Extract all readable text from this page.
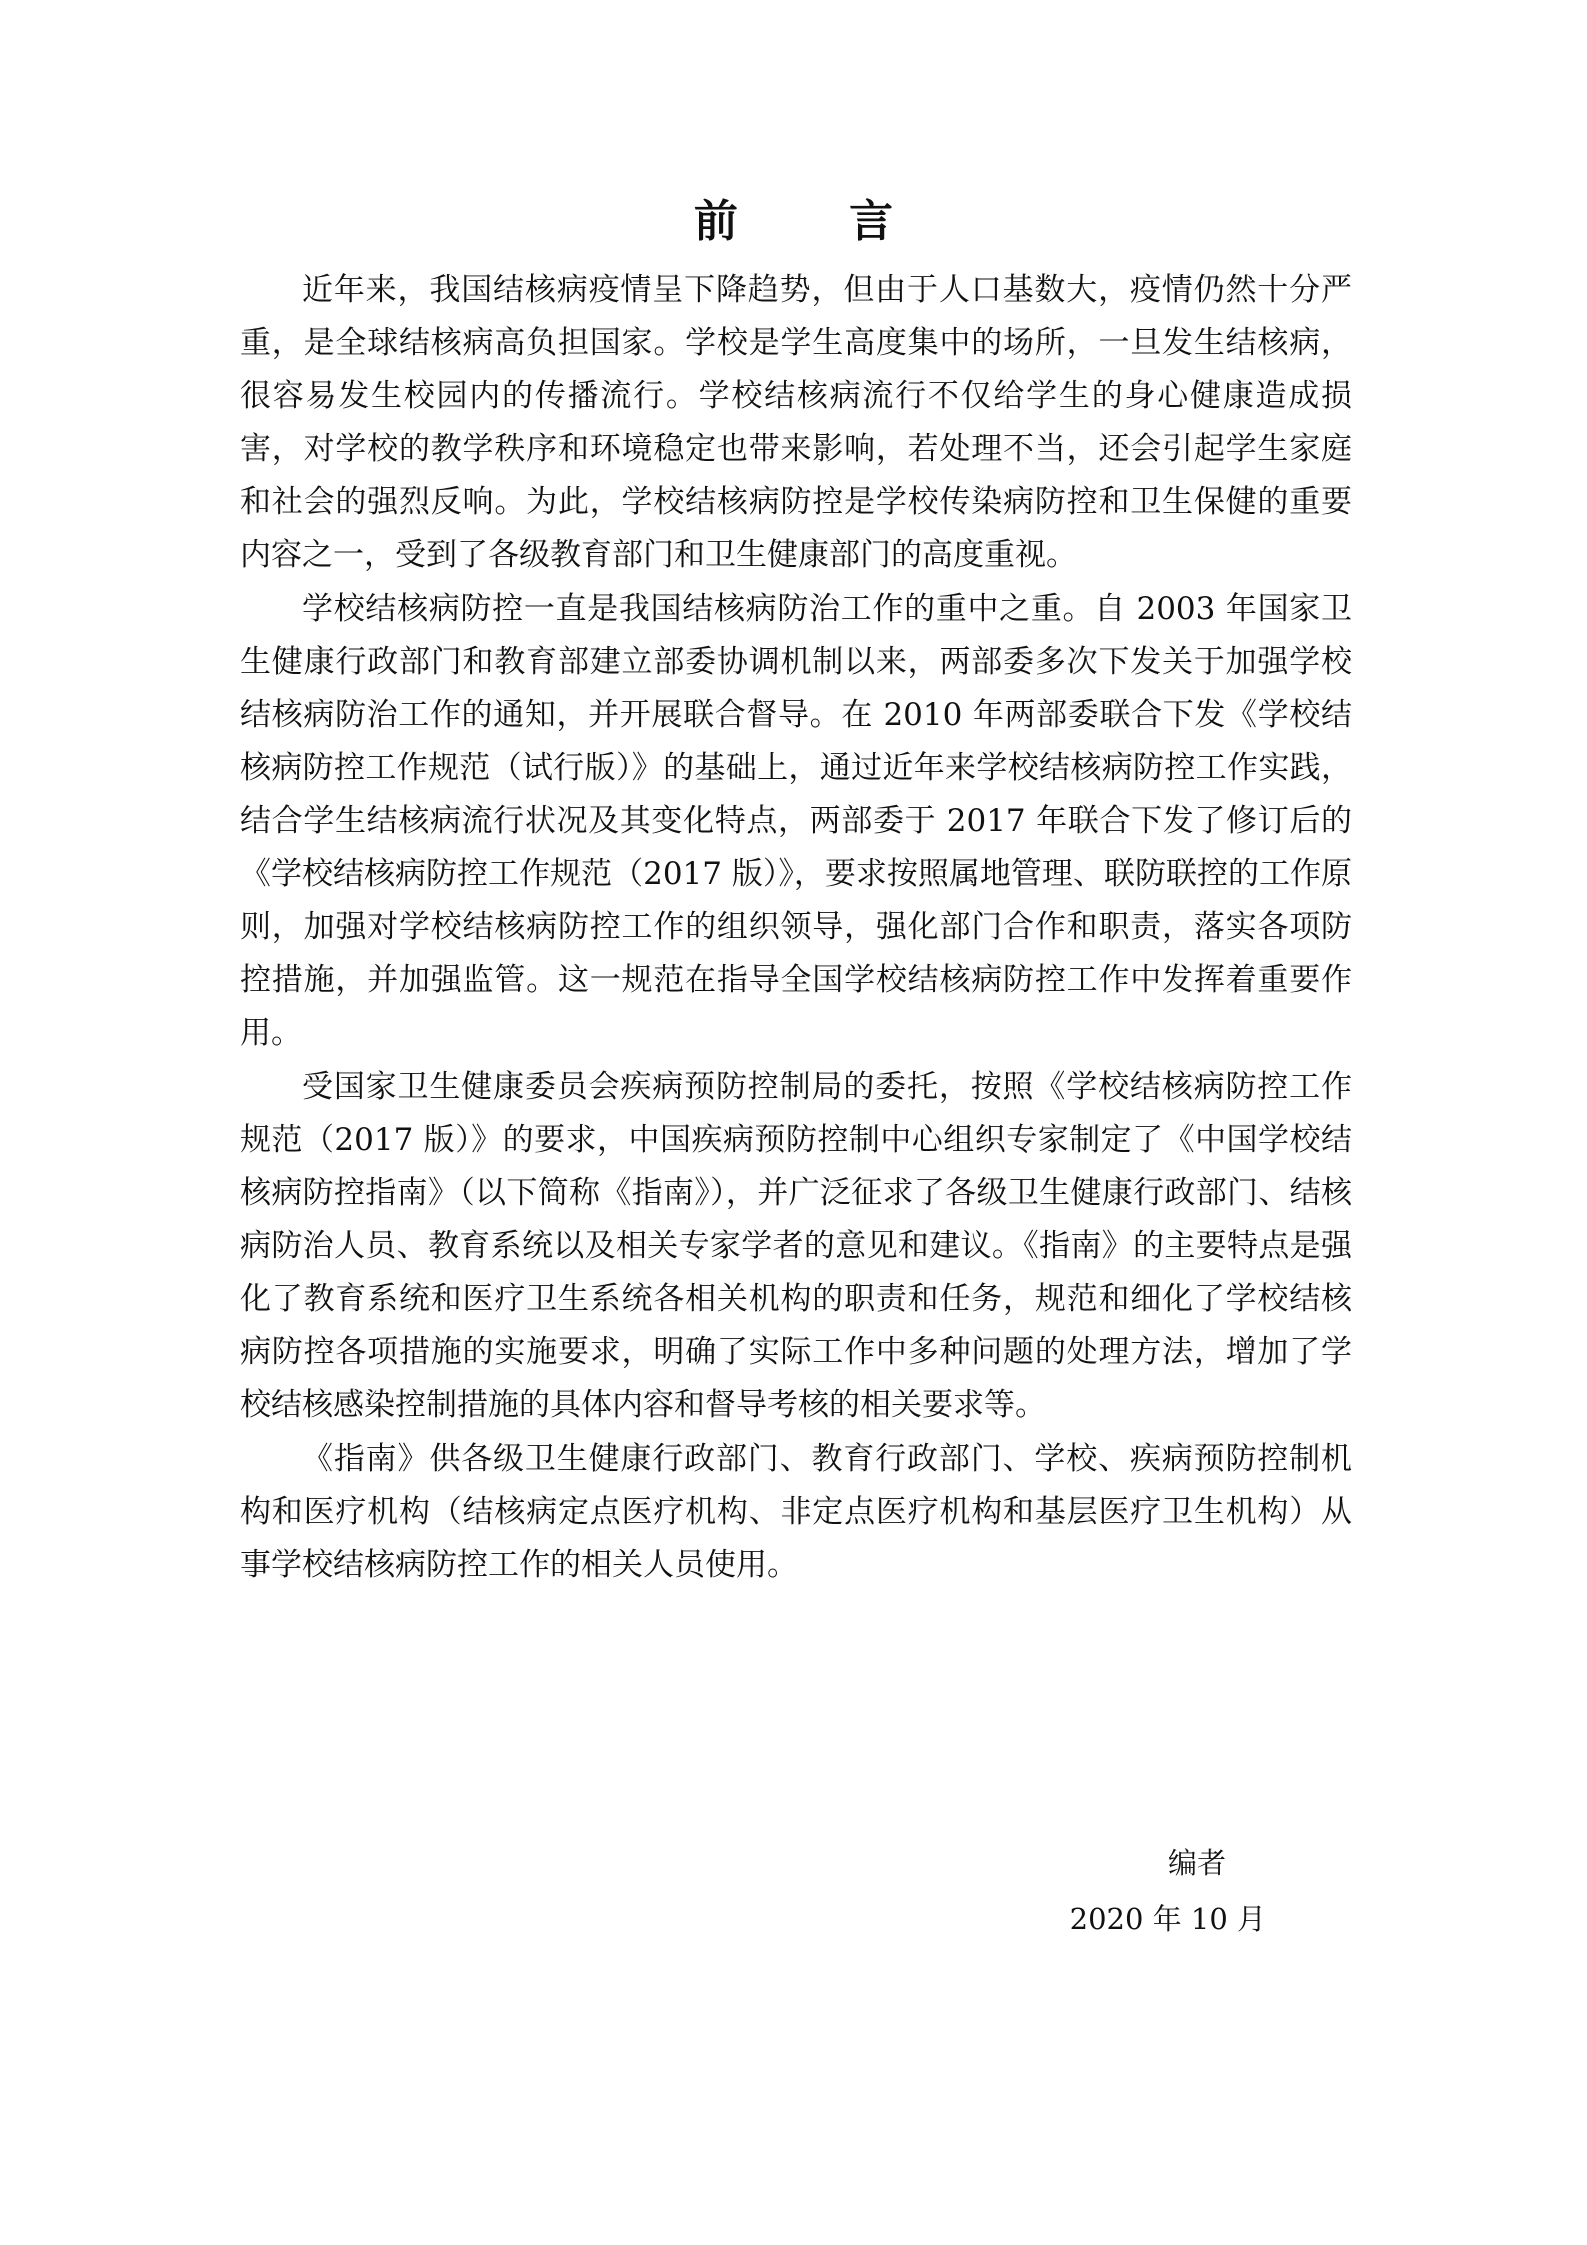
前 言

近年来，我国结核病疫情呈下降趋势，但由于人口基数大，疫情仍然十分严重，是全球结核病高负担国家。学校是学生高度集中的场所，一旦发生结核病，很容易发生校园内的传播流行。学校结核病流行不仅给学生的身心健康造成损害，对学校的教学秩序和环境稳定也带来影响，若处理不当，还会引起学生家庭和社会的强烈反响。为此，学校结核病防控是学校传染病防控和卫生保健的重要内容之一，受到了各级教育部门和卫生健康部门的高度重视。

学校结核病防控一直是我国结核病防治工作的重中之重。自 2003 年国家卫生健康行政部门和教育部建立部委协调机制以来，两部委多次下发关于加强学校结核病防治工作的通知，并开展联合督导。在 2010 年两部委联合下发《学校结核病防控工作规范（试行版）》的基础上，通过近年来学校结核病防控工作实践，结合学生结核病流行状况及其变化特点，两部委于 2017 年联合下发了修订后的《学校结核病防控工作规范（2017 版）》，要求按照属地管理、联防联控的工作原则，加强对学校结核病防控工作的组织领导，强化部门合作和职责，落实各项防控措施，并加强监管。这一规范在指导全国学校结核病防控工作中发挥着重要作用。

受国家卫生健康委员会疾病预防控制局的委托，按照《学校结核病防控工作规范（2017 版）》的要求，中国疾病预防控制中心组织专家制定了《中国学校结核病防控指南》（以下简称《指南》），并广泛征求了各级卫生健康行政部门、结核病防治人员、教育系统以及相关专家学者的意见和建议。《指南》的主要特点是强化了教育系统和医疗卫生系统各相关机构的职责和任务，规范和细化了学校结核病防控各项措施的实施要求，明确了实际工作中多种问题的处理方法，增加了学校结核感染控制措施的具体内容和督导考核的相关要求等。

《指南》供各级卫生健康行政部门、教育行政部门、学校、疾病预防控制机构和医疗机构（结核病定点医疗机构、非定点医疗机构和基层医疗卫生机构）从事学校结核病防控工作的相关人员使用。

编者
2020 年 10 月
